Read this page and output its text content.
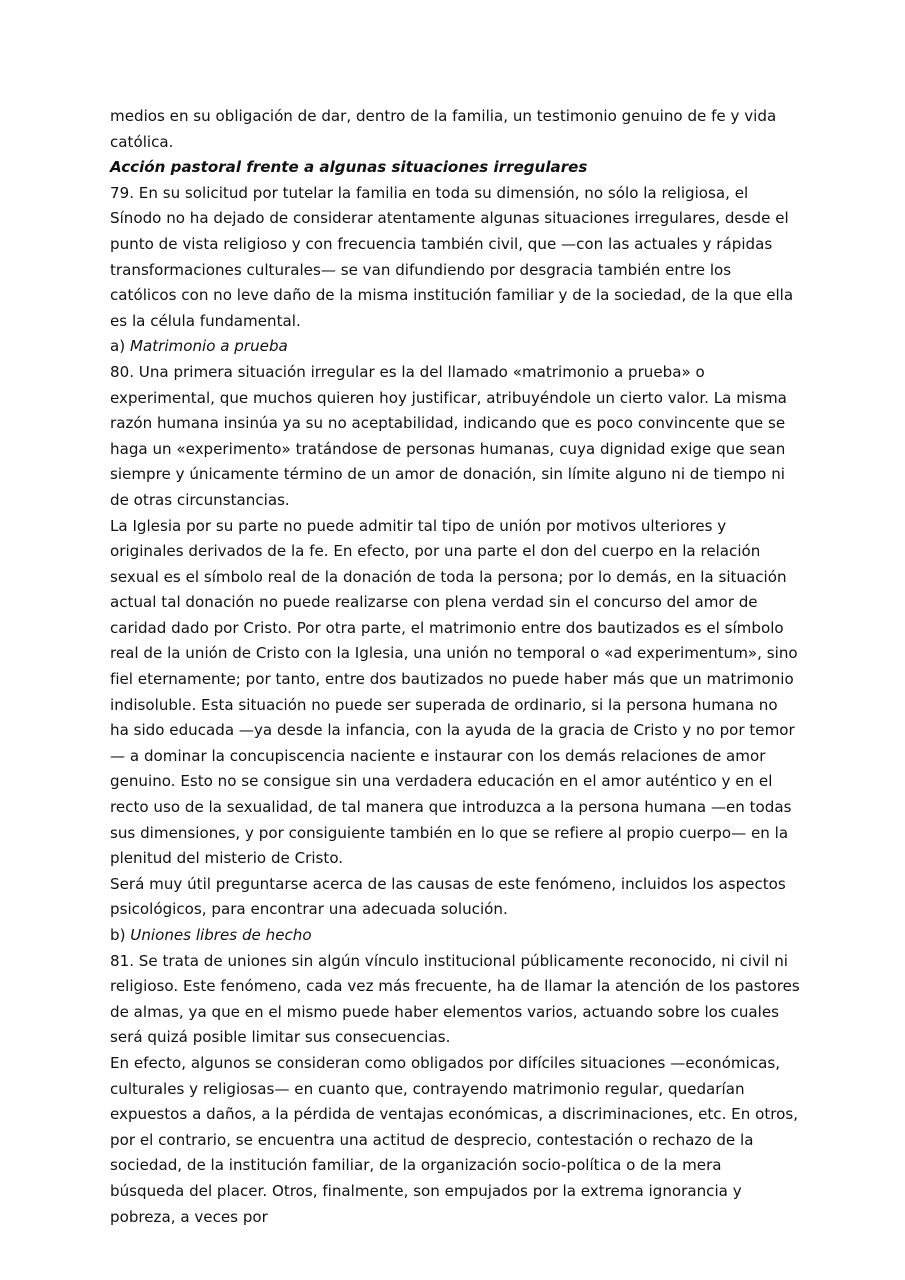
medios en su obligación de dar, dentro de la familia, un testimonio genuino de fe y vida católica.

Acción pastoral frente a algunas situaciones irregulares

79. En su solicitud por tutelar la familia en toda su dimensión, no sólo la religiosa, el Sínodo no ha dejado de considerar atentamente algunas situaciones irregulares, desde el punto de vista religioso y con frecuencia también civil, que —con las actuales y rápidas transformaciones culturales— se van difundiendo por desgracia también entre los católicos con no leve daño de la misma institución familiar y de la sociedad, de la que ella es la célula fundamental.

a) Matrimonio a prueba

80. Una primera situación irregular es la del llamado «matrimonio a prueba» o experimental, que muchos quieren hoy justificar, atribuyéndole un cierto valor. La misma razón humana insinúa ya su no aceptabilidad, indicando que es poco convincente que se haga un «experimento» tratándose de personas humanas, cuya dignidad exige que sean siempre y únicamente término de un amor de donación, sin límite alguno ni de tiempo ni de otras circunstancias.

La Iglesia por su parte no puede admitir tal tipo de unión por motivos ulteriores y originales derivados de la fe. En efecto, por una parte el don del cuerpo en la relación sexual es el símbolo real de la donación de toda la persona; por lo demás, en la situación actual tal donación no puede realizarse con plena verdad sin el concurso del amor de caridad dado por Cristo. Por otra parte, el matrimonio entre dos bautizados es el símbolo real de la unión de Cristo con la Iglesia, una unión no temporal o «ad experimentum», sino fiel eternamente; por tanto, entre dos bautizados no puede haber más que un matrimonio indisoluble. Esta situación no puede ser superada de ordinario, si la persona humana no ha sido educada —ya desde la infancia, con la ayuda de la gracia de Cristo y no por temor— a dominar la concupiscencia naciente e instaurar con los demás relaciones de amor genuino. Esto no se consigue sin una verdadera educación en el amor auténtico y en el recto uso de la sexualidad, de tal manera que introduzca a la persona humana —en todas sus dimensiones, y por consiguiente también en lo que se refiere al propio cuerpo— en la plenitud del misterio de Cristo.

Será muy útil preguntarse acerca de las causas de este fenómeno, incluidos los aspectos psicológicos, para encontrar una adecuada solución.

b) Uniones libres de hecho

81. Se trata de uniones sin algún vínculo institucional públicamente reconocido, ni civil ni religioso. Este fenómeno, cada vez más frecuente, ha de llamar la atención de los pastores de almas, ya que en el mismo puede haber elementos varios, actuando sobre los cuales será quizá posible limitar sus consecuencias.

En efecto, algunos se consideran como obligados por difíciles situaciones —económicas, culturales y religiosas— en cuanto que, contrayendo matrimonio regular, quedarían expuestos a daños, a la pérdida de ventajas económicas, a discriminaciones, etc. En otros, por el contrario, se encuentra una actitud de desprecio, contestación o rechazo de la sociedad, de la institución familiar, de la organización socio-política o de la mera búsqueda del placer. Otros, finalmente, son empujados por la extrema ignorancia y pobreza, a veces por
